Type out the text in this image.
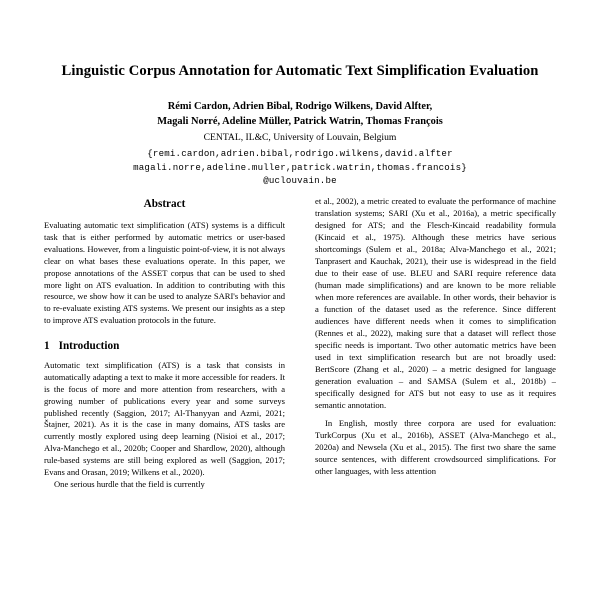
Linguistic Corpus Annotation for Automatic Text Simplification Evaluation
Rémi Cardon, Adrien Bibal, Rodrigo Wilkens, David Alfter,
Magali Norré, Adeline Müller, Patrick Watrin, Thomas François
CENTAL, IL&C, University of Louvain, Belgium
{remi.cardon,adrien.bibal,rodrigo.wilkens,david.alfter
magali.norre,adeline.muller,patrick.watrin,thomas.francois}
@uclouvain.be
Abstract

Evaluating automatic text simplification (ATS) systems is a difficult task that is either performed by automatic metrics or user-based evaluations. However, from a linguistic point-of-view, it is not always clear on what bases these evaluations operate. In this paper, we propose annotations of the ASSET corpus that can be used to shed more light on ATS evaluation. In addition to contributing with this resource, we show how it can be used to analyze SARI's behavior and to re-evaluate existing ATS systems. We present our insights as a step to improve ATS evaluation protocols in the future.

1 Introduction

Automatic text simplification (ATS) is a task that consists in automatically adapting a text to make it more accessible for readers. It is the focus of more and more attention from researchers, with a growing number of publications every year and some surveys published recently (Saggion, 2017; Al-Thanyyan and Azmi, 2021; Štajner, 2021). As it is the case in many domains, ATS tasks are currently mostly explored using deep learning (Nisioi et al., 2017; Alva-Manchego et al., 2020b; Cooper and Shardlow, 2020), although rule-based systems are still being explored as well (Saggion, 2017; Evans and Orasan, 2019; Wilkens et al., 2020).

One serious hurdle that the field is currently

et al., 2002), a metric created to evaluate the performance of machine translation systems; SARI (Xu et al., 2016a), a metric specifically designed for ATS; and the Flesch-Kincaid readability formula (Kincaid et al., 1975). Although these metrics have serious shortcomings (Sulem et al., 2018a; Alva-Manchego et al., 2021; Tanprasert and Kauchak, 2021), their use is widespread in the field due to their ease of use. BLEU and SARI require reference data (human made simplifications) and are known to be more reliable when more references are available. In other words, their behavior is a function of the dataset used as the reference. Since different audiences have different needs when it comes to simplification (Rennes et al., 2022), making sure that a dataset will reflect those specific needs is important. Two other automatic metrics have been used in text simplification research but are not broadly used: BertScore (Zhang et al., 2020) – a metric designed for language generation evaluation – and SAMSA (Sulem et al., 2018b) – specifically designed for ATS but not easy to use as it requires semantic annotation.

In English, mostly three corpora are used for evaluation: TurkCorpus (Xu et al., 2016b), ASSET (Alva-Manchego et al., 2020a) and Newsela (Xu et al., 2015). The first two share the same source sentences, with different crowdsourced simplifications. For other languages, with less attention
